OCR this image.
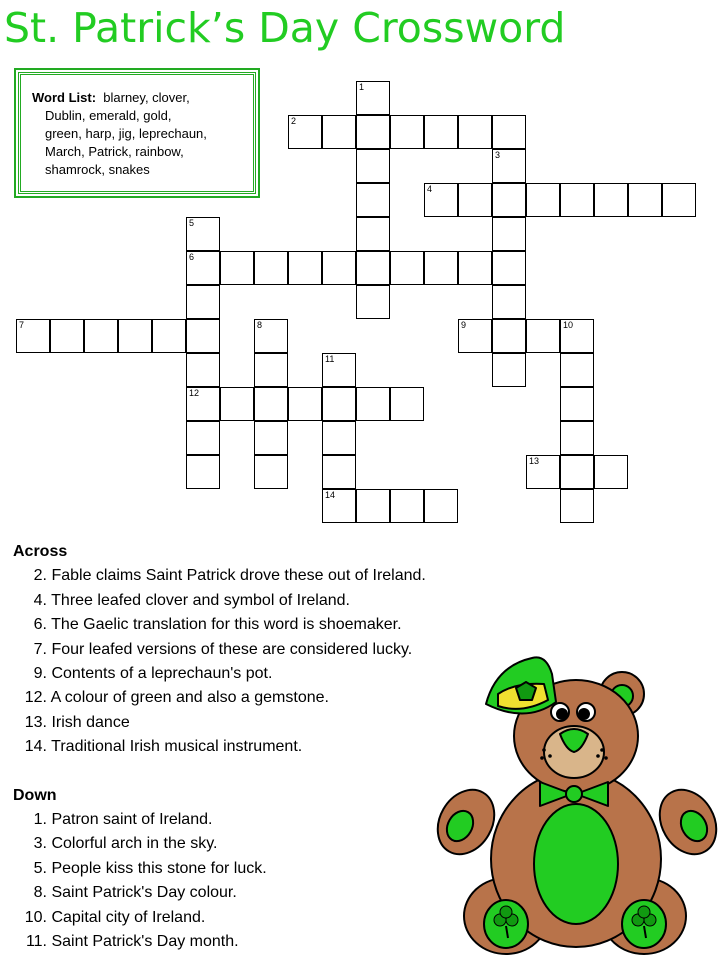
St. Patrick’s Day Crossword
Word List: blarney, clover,
Dublin, emerald, gold,
green, harp, jig, leprechaun,
March, Patrick, rainbow,
shamrock, snakes
1
2
3
4
5
6
12
7	8	9	10
11
14
13
Across
2. Fable claims Saint Patrick drove these out of Ireland.
4. Three leafed clover and symbol of Ireland.
6. The Gaelic translation for this word is shoemaker.
7. Four leafed versions of these are considered lucky.
9. Contents of a leprechaun's pot.
12. A colour of green and also a gemstone.
13. Irish dance
14. Traditional Irish musical instrument.
Down
1. Patron saint of Ireland.
3. Colorful arch in the sky.
5. People kiss this stone for luck.
8. Saint Patrick's Day colour.
10. Capital city of Ireland.
11. Saint Patrick's Day month.
